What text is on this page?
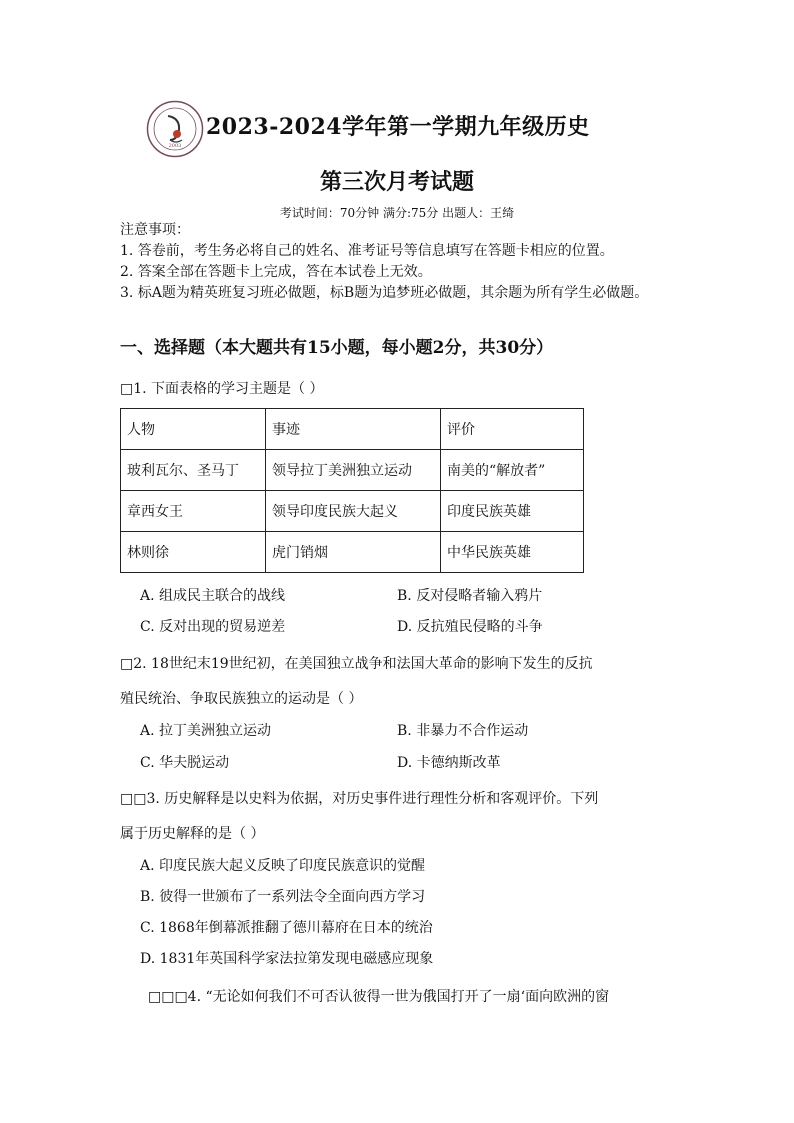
2003
2023-2024学年第一学期九年级历史
第三次月考试题
考试时间：70分钟 满分:75分 出题人：王绮
注意事项：
1. 答卷前，考生务必将自己的姓名、准考证号等信息填写在答题卡相应的位置。
2. 答案全部在答题卡上完成，答在本试卷上无效。
3. 标A题为精英班复习班必做题，标B题为追梦班必做题，其余题为所有学生必做题。
一、选择题（本大题共有15小题，每小题2分，共30分）
□1. 下面表格的学习主题是（ ）
人物	事迹	评价
玻利瓦尔、圣马丁	领导拉丁美洲独立运动	南美的“解放者”
章西女王	领导印度民族大起义	印度民族英雄
林则徐	虎门销烟	中华民族英雄
A. 组成民主联合的战线	B. 反对侵略者输入鸦片
C. 反对出现的贸易逆差	D. 反抗殖民侵略的斗争
□2. 18世纪末19世纪初，在美国独立战争和法国大革命的影响下发生的反抗
殖民统治、争取民族独立的运动是（ ）
A. 拉丁美洲独立运动	B. 非暴力不合作运动
C. 华夫脱运动	D. 卡德纳斯改革
□□3. 历史解释是以史料为依据，对历史事件进行理性分析和客观评价。下列
属于历史解释的是（ ）
A. 印度民族大起义反映了印度民族意识的觉醒
B. 彼得一世颁布了一系列法令全面向西方学习
C. 1868年倒幕派推翻了德川幕府在日本的统治
D. 1831年英国科学家法拉第发现电磁感应现象
□□□4. “无论如何我们不可否认彼得一世为俄国打开了一扇‘面向欧洲的窗
